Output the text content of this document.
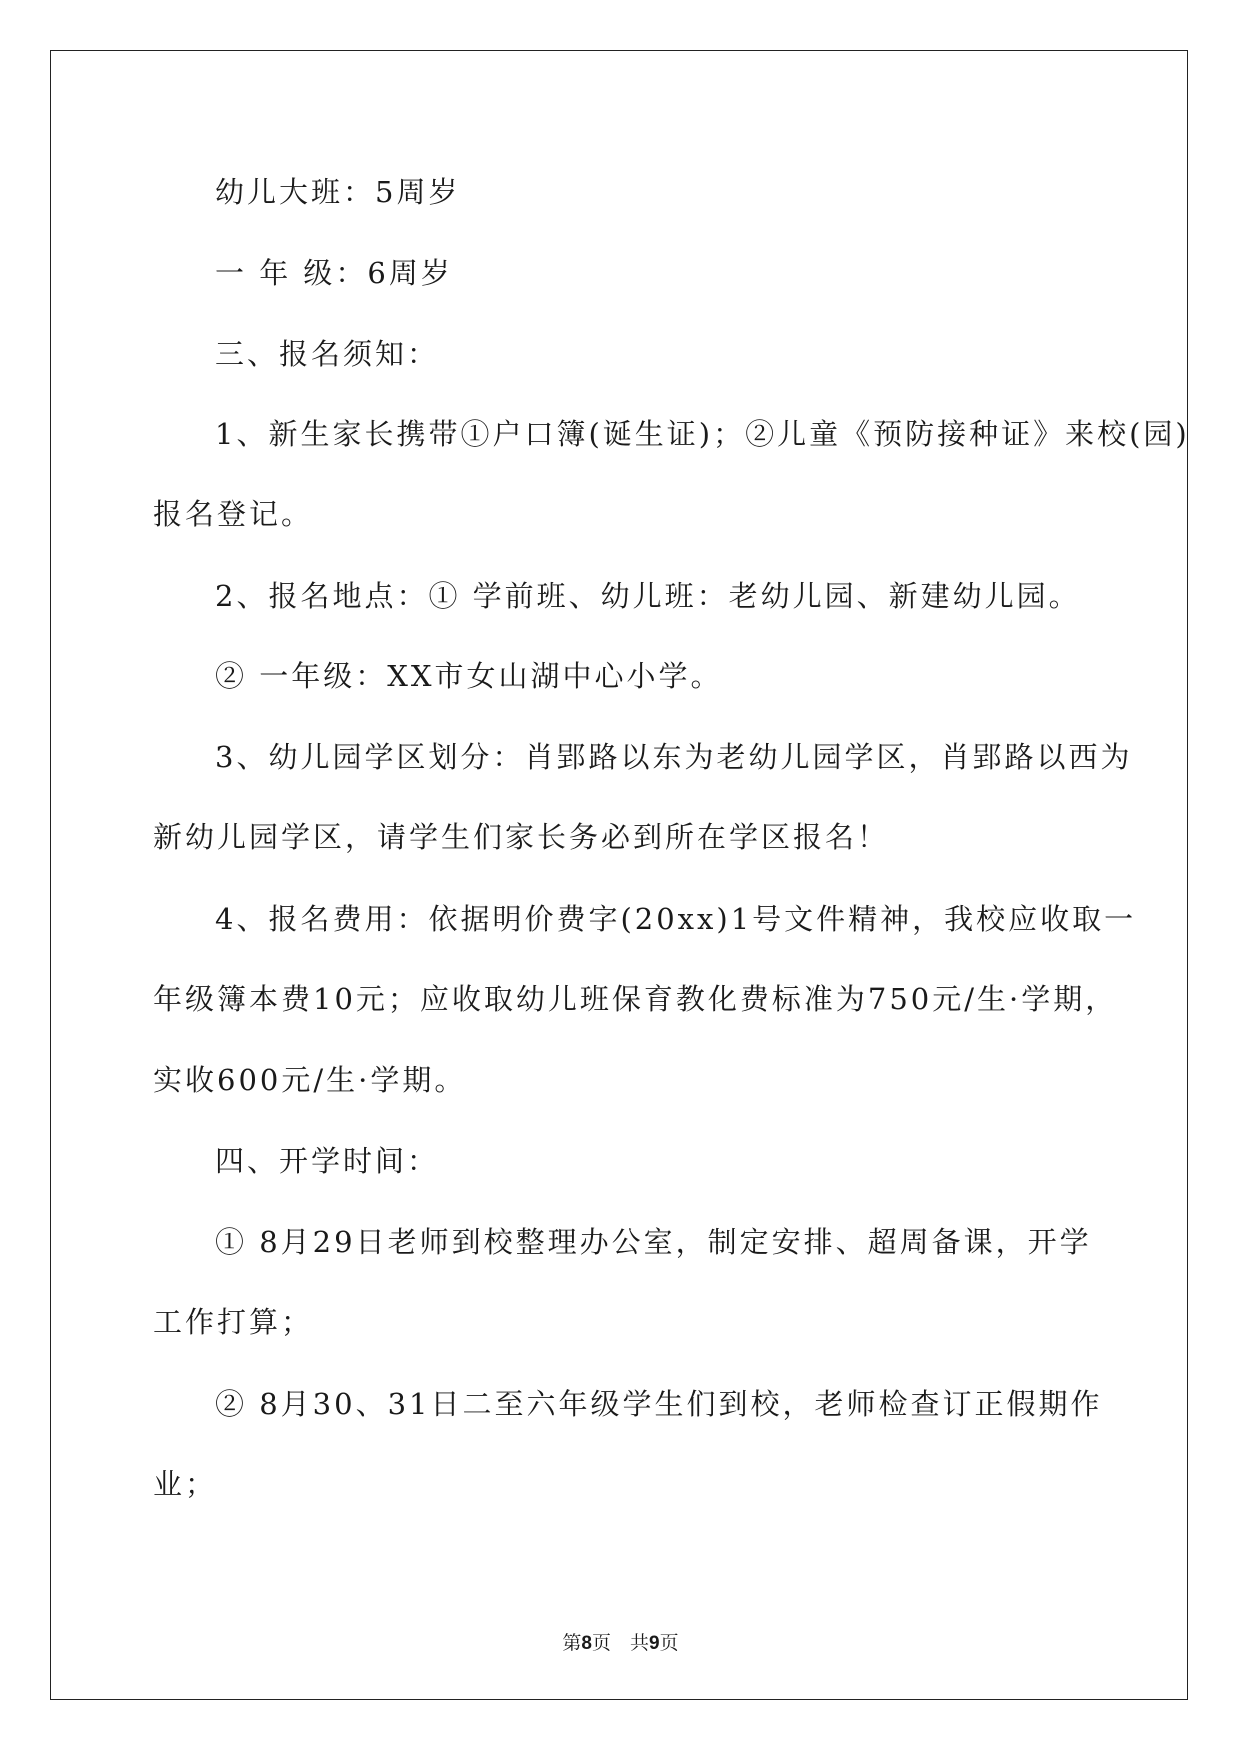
幼儿大班：5周岁
一 年 级：6周岁
三、报名须知：
1、新生家长携带①户口簿(诞生证)；②儿童《预防接种证》来校(园)
报名登记。
2、报名地点：① 学前班、幼儿班：老幼儿园、新建幼儿园。
② 一年级：XX市女山湖中心小学。
3、幼儿园学区划分：肖郢路以东为老幼儿园学区，肖郢路以西为
新幼儿园学区，请学生们家长务必到所在学区报名！
4、报名费用：依据明价费字(20xx)1号文件精神，我校应收取一
年级簿本费10元；应收取幼儿班保育教化费标准为750元/生·学期，
实收600元/生·学期。
四、开学时间：
① 8月29日老师到校整理办公室，制定安排、超周备课，开学
工作打算；
② 8月30、31日二至六年级学生们到校，老师检查订正假期作
业；
第8页　共9页
